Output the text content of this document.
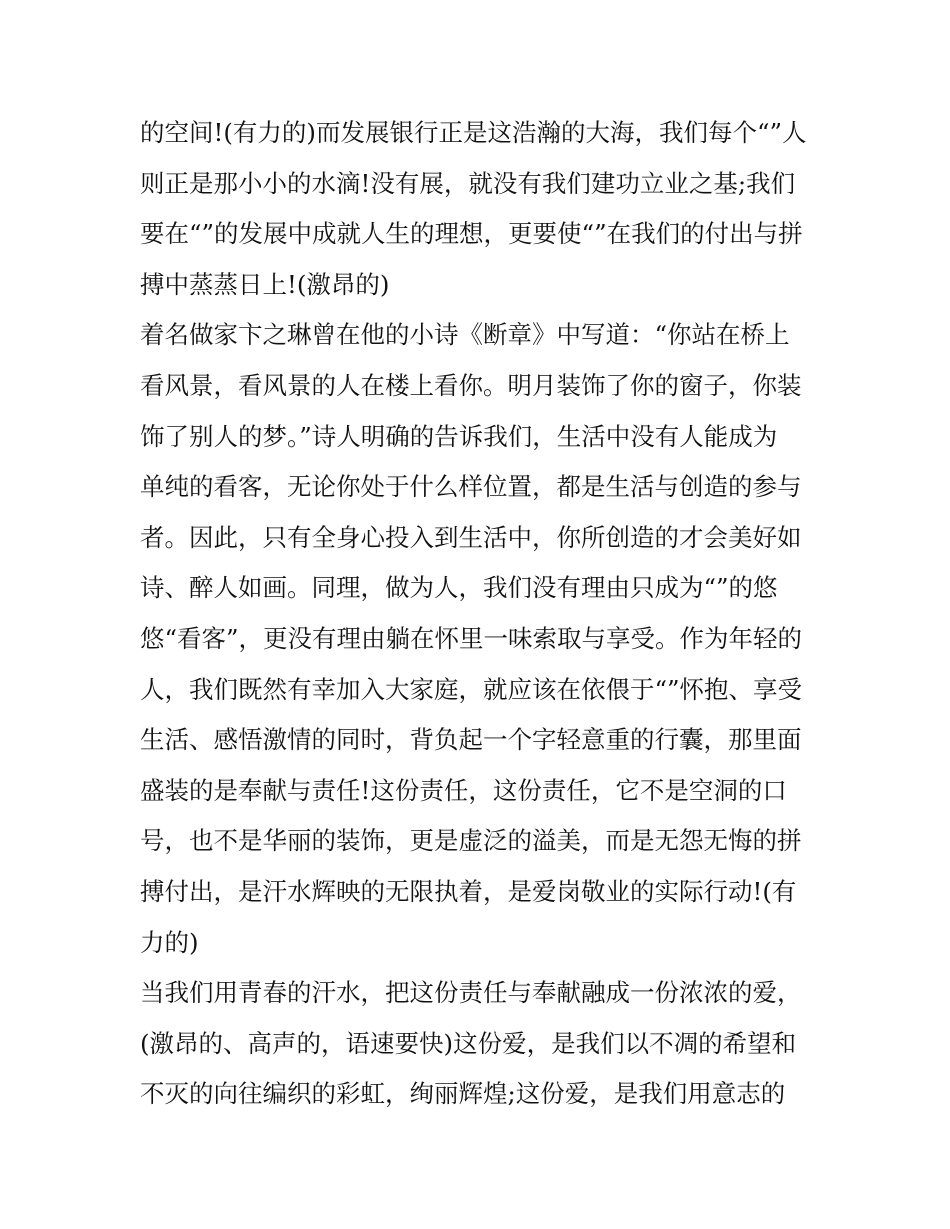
的空间!(有力的)而发展银行正是这浩瀚的大海，我们每个“”人
则正是那小小的水滴!没有展，就没有我们建功立业之基;我们
要在“”的发展中成就人生的理想，更要使“”在我们的付出与拼
搏中蒸蒸日上!(激昂的)
着名做家卞之琳曾在他的小诗《断章》中写道：“你站在桥上
看风景，看风景的人在楼上看你。明月装饰了你的窗子，你装
饰了别人的梦。”诗人明确的告诉我们，生活中没有人能成为
单纯的看客，无论你处于什么样位置，都是生活与创造的参与
者。因此，只有全身心投入到生活中，你所创造的才会美好如
诗、醉人如画。同理，做为人，我们没有理由只成为“”的悠
悠“看客”，更没有理由躺在怀里一味索取与享受。作为年轻的
人，我们既然有幸加入大家庭，就应该在依偎于“”怀抱、享受
生活、感悟激情的同时，背负起一个字轻意重的行囊，那里面
盛装的是奉献与责任!这份责任，这份责任，它不是空洞的口
号，也不是华丽的装饰，更是虚泛的溢美，而是无怨无悔的拼
搏付出，是汗水辉映的无限执着，是爱岗敬业的实际行动!(有
力的)
当我们用青春的汗水，把这份责任与奉献融成一份浓浓的爱，
(激昂的、高声的，语速要快)这份爱，是我们以不凋的希望和
不灭的向往编织的彩虹，绚丽辉煌;这份爱，是我们用意志的
